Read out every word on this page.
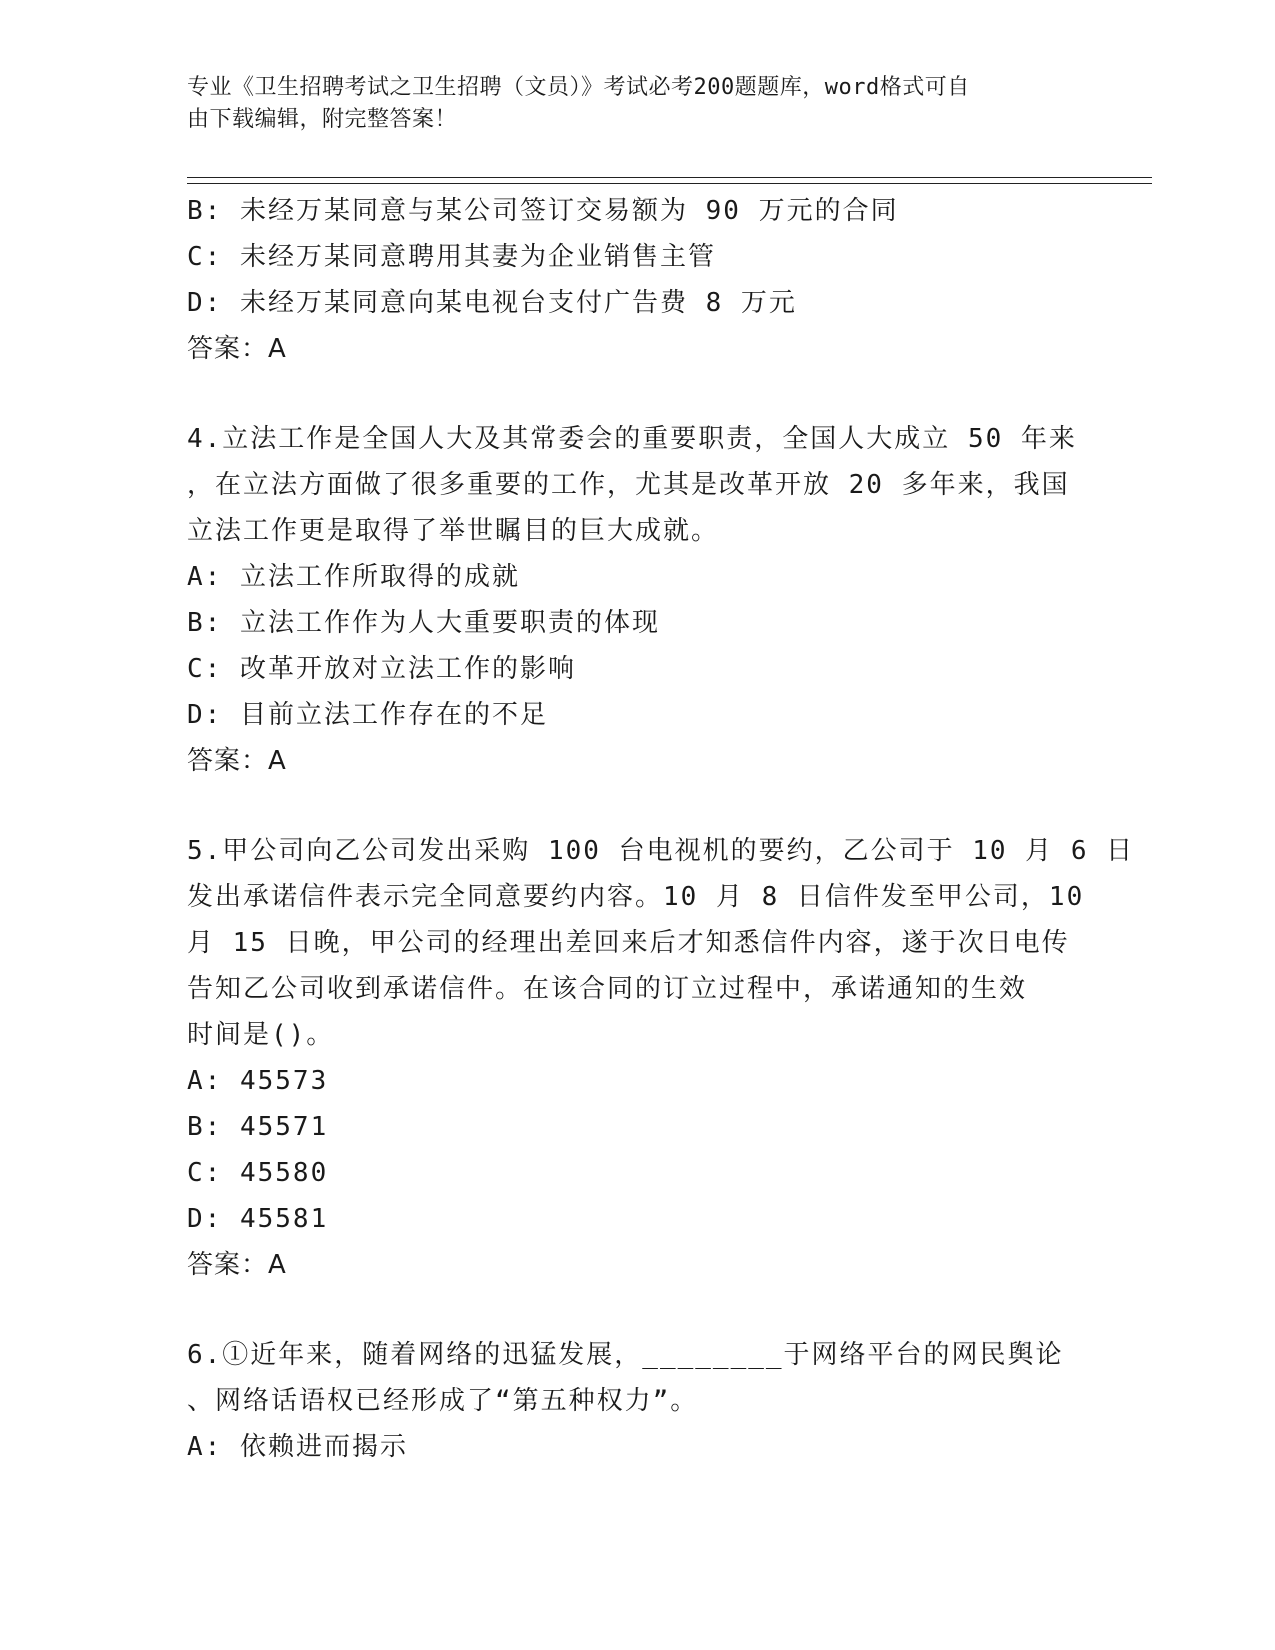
专业《卫生招聘考试之卫生招聘（文员）》考试必考200题题库，word格式可自
由下载编辑，附完整答案！
B: 未经万某同意与某公司签订交易额为 90 万元的合同
C: 未经万某同意聘用其妻为企业销售主管
D: 未经万某同意向某电视台支付广告费 8 万元
答案：A
4.立法工作是全国人大及其常委会的重要职责，全国人大成立 50 年来
，在立法方面做了很多重要的工作，尤其是改革开放 20 多年来，我国
立法工作更是取得了举世瞩目的巨大成就。
A: 立法工作所取得的成就
B: 立法工作作为人大重要职责的体现
C: 改革开放对立法工作的影响
D: 目前立法工作存在的不足
答案：A
5.甲公司向乙公司发出采购 100 台电视机的要约，乙公司于 10 月 6 日
发出承诺信件表示完全同意要约内容。10 月 8 日信件发至甲公司，10
月 15 日晚，甲公司的经理出差回来后才知悉信件内容，遂于次日电传
告知乙公司收到承诺信件。在该合同的订立过程中，承诺通知的生效
时间是()。
A: 45573
B: 45571
C: 45580
D: 45581
答案：A
6.①近年来，随着网络的迅猛发展，________于网络平台的网民舆论
、网络话语权已经形成了“第五种权力”。
A: 依赖进而揭示
